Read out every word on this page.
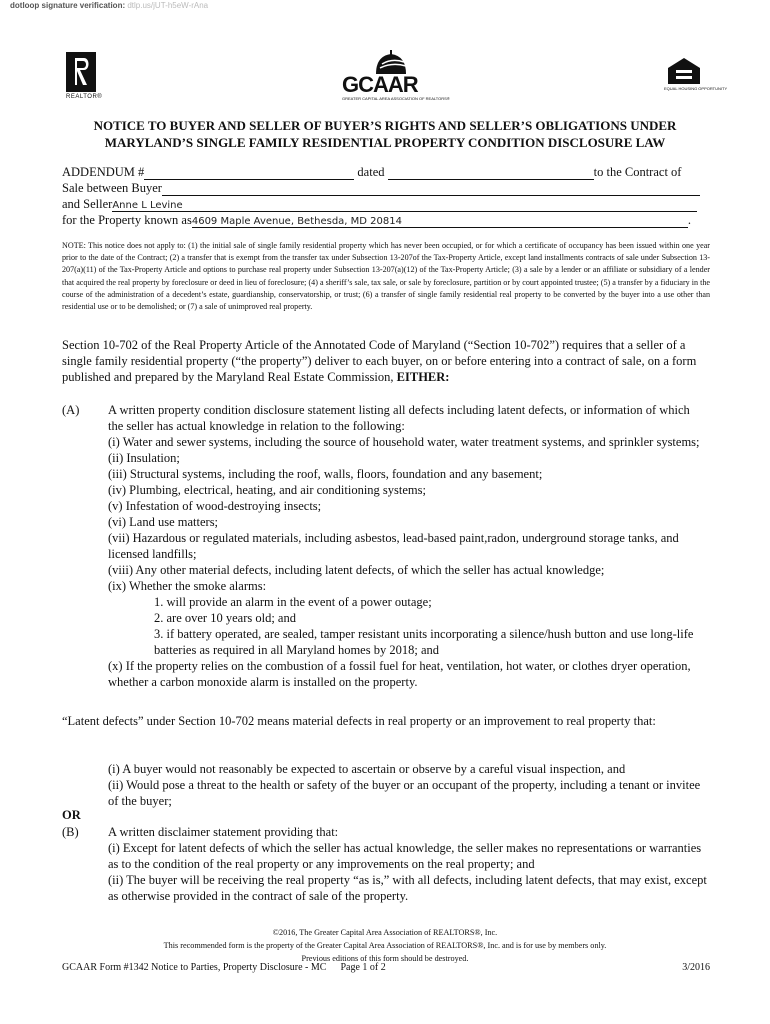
dotloop signature verification: dtlp.us/jUT-h5eW-rAna
REALTOR®	GCAAR
GREATER CAPITAL AREA ASSOCIATION OF REALTORS®
EQUAL HOUSING OPPORTUNITY
NOTICE TO BUYER AND SELLER OF BUYER’S RIGHTS AND SELLER’S OBLIGATIONS UNDER
MARYLAND’S SINGLE FAMILY RESIDENTIAL PROPERTY CONDITION DISCLOSURE LAW
ADDENDUM #	dated	to the Contract of
Sale between Buyer
and Seller Anne L Levine
for the Property known as 4609 Maple Avenue, Bethesda, MD 20814	.
NOTE: This notice does not apply to: (1) the initial sale of single family residential property which has never been occupied, or for which a certificate of occupancy has been issued within one year prior to the date of the Contract; (2) a transfer that is exempt from the transfer tax under Subsection 13-207of the Tax-Property Article, except land installments contracts of sale under Subsection 13-207(a)(11) of the Tax-Property Article and options to purchase real property under Subsection 13-207(a)(12) of the Tax-Property Article; (3) a sale by a lender or an affiliate or subsidiary of a lender that acquired the real property by foreclosure or deed in lieu of foreclosure; (4) a sheriff’s sale, tax sale, or sale by foreclosure, partition or by court appointed trustee; (5) a transfer by a fiduciary in the course of the administration of a decedent’s estate, guardianship, conservatorship, or trust; (6) a transfer of single family residential real property to be converted by the buyer into a use other than residential use or to be demolished; or (7) a sale of unimproved real property.
Section 10-702 of the Real Property Article of the Annotated Code of Maryland (“Section 10-702”) requires that a seller of a single family residential property (“the property”) deliver to each buyer, on or before entering into a contract of sale, on a form published and prepared by the Maryland Real Estate Commission, EITHER:
(A) A written property condition disclosure statement listing all defects including latent defects, or information of which the seller has actual knowledge in relation to the following:
(i) Water and sewer systems, including the source of household water, water treatment systems, and sprinkler systems;
(ii) Insulation;
(iii) Structural systems, including the roof, walls, floors, foundation and any basement;
(iv) Plumbing, electrical, heating, and air conditioning systems;
(v) Infestation of wood-destroying insects;
(vi) Land use matters;
(vii) Hazardous or regulated materials, including asbestos, lead-based paint,radon, underground storage tanks, and licensed landfills;
(viii) Any other material defects, including latent defects, of which the seller has actual knowledge;
(ix) Whether the smoke alarms:
1. will provide an alarm in the event of a power outage;
2. are over 10 years old; and
3. if battery operated, are sealed, tamper resistant units incorporating a silence/hush button and use long-life batteries as required in all Maryland homes by 2018; and
(x) If the property relies on the combustion of a fossil fuel for heat, ventilation, hot water, or clothes dryer operation, whether a carbon monoxide alarm is installed on the property.
“Latent defects” under Section 10-702 means material defects in real property or an improvement to real property that:
(i) A buyer would not reasonably be expected to ascertain or observe by a careful visual inspection, and
(ii) Would pose a threat to the health or safety of the buyer or an occupant of the property, including a tenant or invitee of the buyer;
OR
(B) A written disclaimer statement providing that:
(i) Except for latent defects of which the seller has actual knowledge, the seller makes no representations or warranties as to the condition of the real property or any improvements on the real property; and
(ii) The buyer will be receiving the real property “as is,” with all defects, including latent defects, that may exist, except as otherwise provided in the contract of sale of the property.
©2016, The Greater Capital Area Association of REALTORS®, Inc.
This recommended form is the property of the Greater Capital Area Association of REALTORS®, Inc. and is for use by members only.
Previous editions of this form should be destroyed.
GCAAR Form #1342 Notice to Parties, Property Disclosure - MC Page 1 of 2	3/2016
